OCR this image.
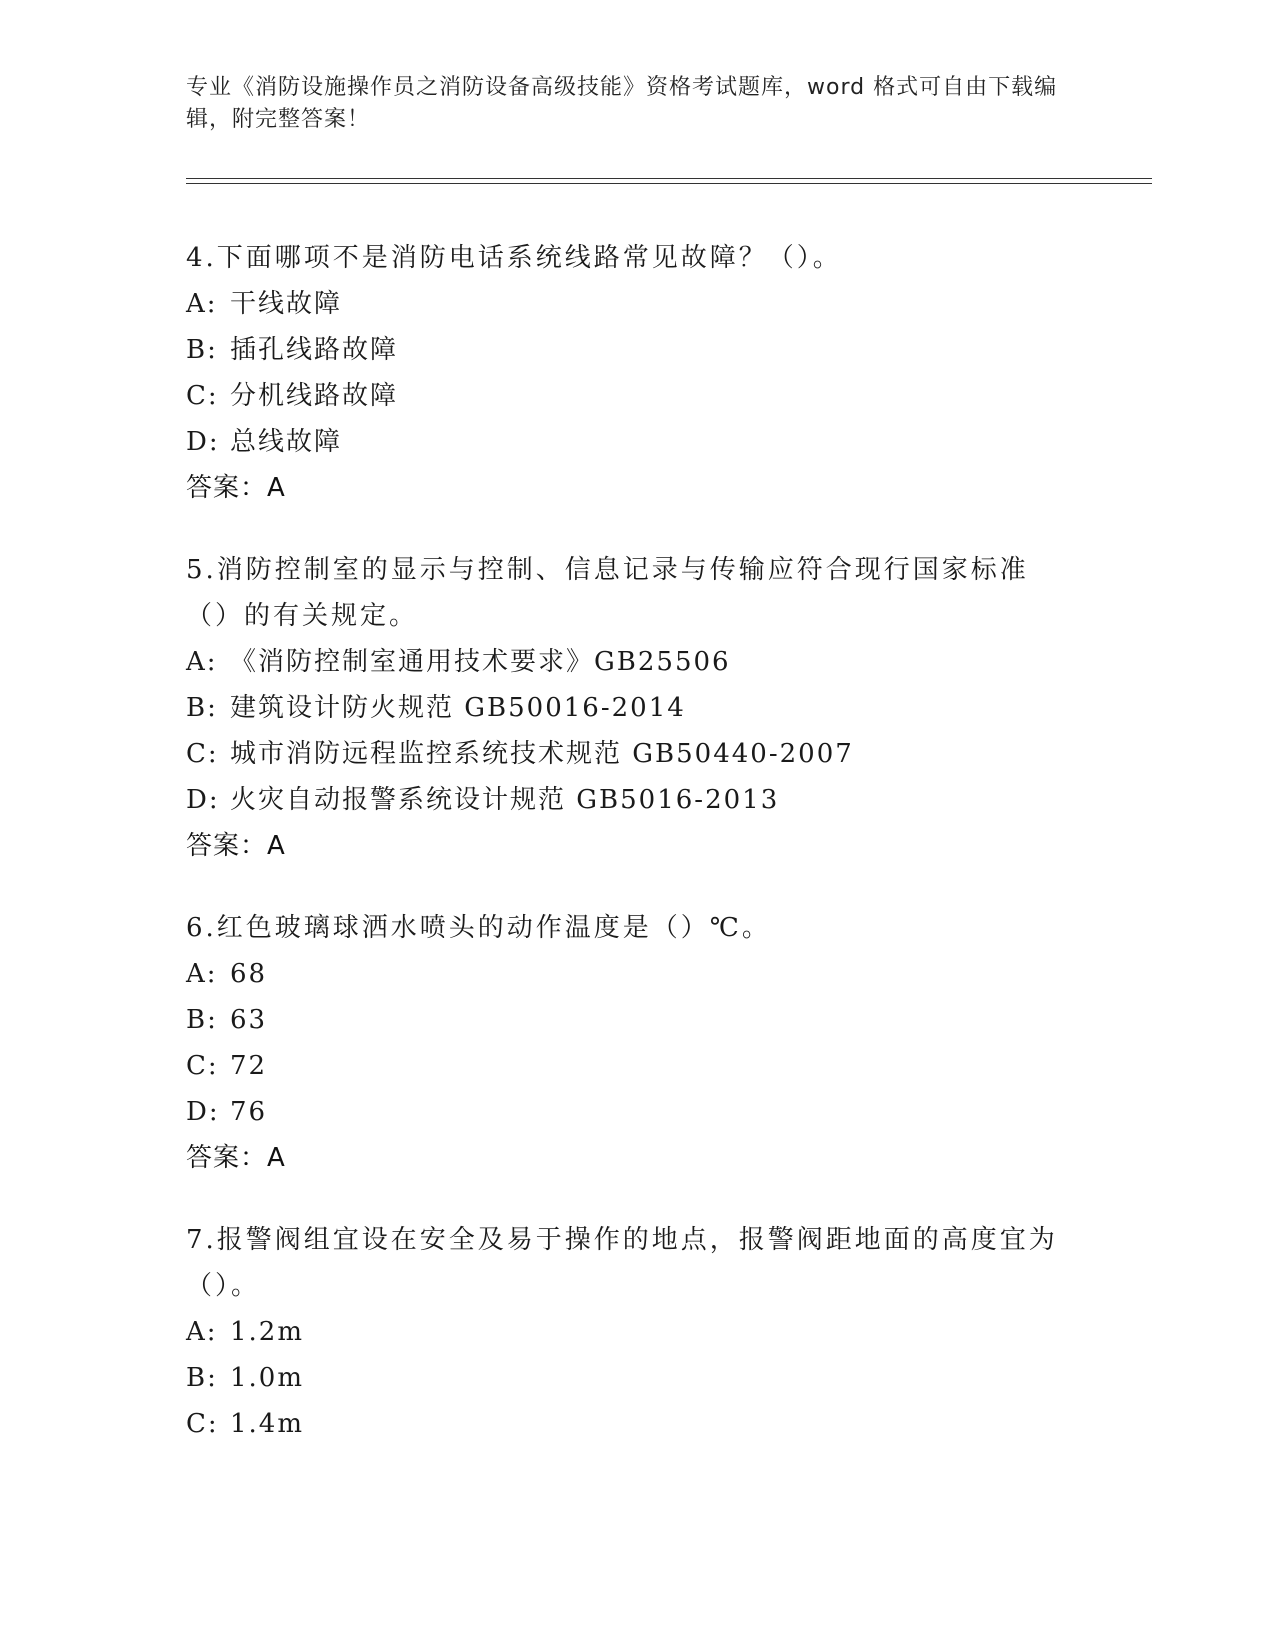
专业《消防设施操作员之消防设备高级技能》资格考试题库，word 格式可自由下载编辑，附完整答案！
4.下面哪项不是消防电话系统线路常见故障？（）。
A: 干线故障
B: 插孔线路故障
C: 分机线路故障
D: 总线故障
答案：A
5.消防控制室的显示与控制、信息记录与传输应符合现行国家标准（）的有关规定。
A: 《消防控制室通用技术要求》GB25506
B: 建筑设计防火规范 GB50016-2014
C: 城市消防远程监控系统技术规范 GB50440-2007
D: 火灾自动报警系统设计规范 GB5016-2013
答案：A
6.红色玻璃球洒水喷头的动作温度是（）℃。
A: 68
B: 63
C: 72
D: 76
答案：A
7.报警阀组宜设在安全及易于操作的地点，报警阀距地面的高度宜为（）。
A: 1.2m
B: 1.0m
C: 1.4m
